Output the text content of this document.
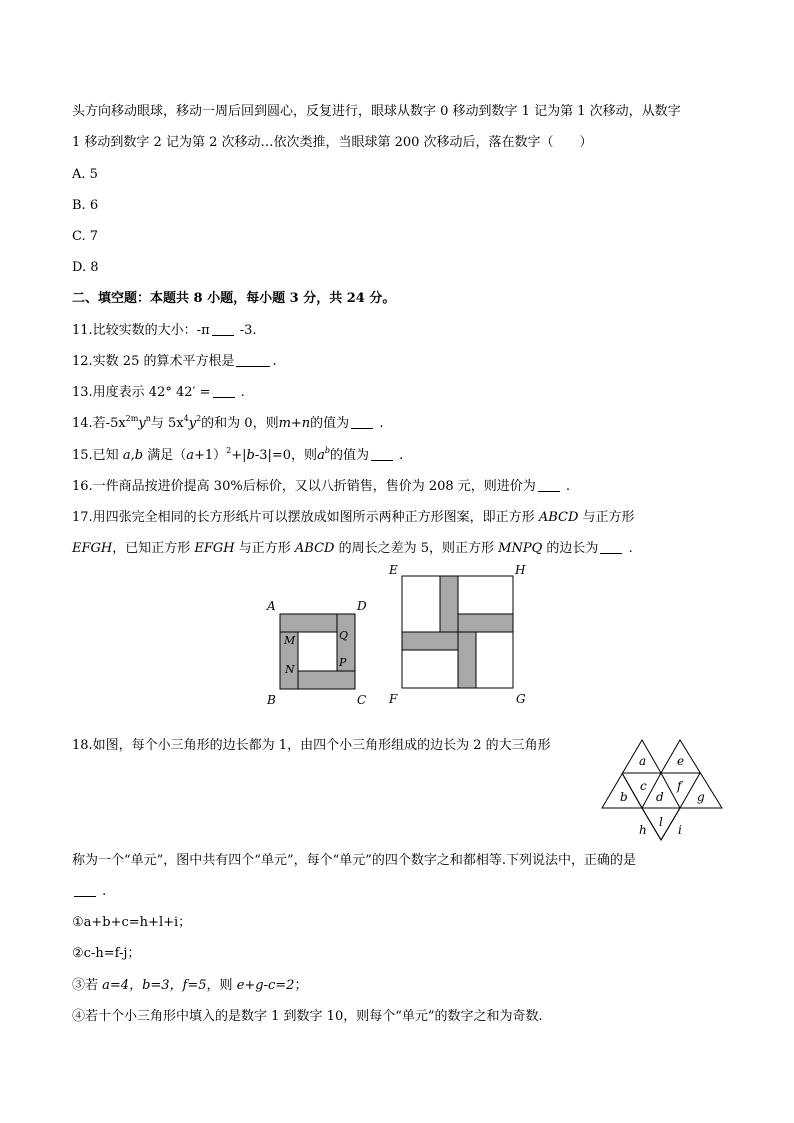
头方向移动眼球，移动一周后回到圆心，反复进行，眼球从数字 0 移动到数字 1 记为第 1 次移动，从数字
1 移动到数字 2 记为第 2 次移动…依次类推，当眼球第 200 次移动后，落在数字（　　）
A. 5
B. 6
C. 7
D. 8
二、填空题：本题共 8 小题，每小题 3 分，共 24 分。
11.比较实数的大小：-π -3.
12.实数 25 的算术平方根是	.
13.用度表示 42° 42′ = .
14.若$-5x^{2m}y^n$与 $5x^4y^2$的和为 0，则m+n的值为 .
15.已知 a,b 满足$(a+1)^2+|b-3|=0$，则$a^b$的值为 .
16.一件商品按进价提高 30%后标价，又以八折销售，售价为 208 元，则进价为 .
17.用四张完全相同的长方形纸片可以摆放成如图所示两种正方形图案，即正方形 ABCD 与正方形
EFGH，已知正方形 EFGH 与正方形 ABCD 的周长之差为 5，则正方形 MNPQ 的边长为 .
A	D
B	C
M	Q
N
P
E	H
F	G
18.如图，每个小三角形的边长都为 1，由四个小三角形组成的边长为 2 的大三角形
a	e
c	f
b d	g
l
h	i
称为一个“单元”，图中共有四个“单元”，每个“单元”的四个数字之和都相等.下列说法中，正确的是
.
①a+b+c=h+l+i；
②c-h=f-j；
③若 a=4，b=3，f=5，则 e+g-c=2；
④若十个小三角形中填入的是数字 1 到数字 10，则每个“单元”的数字之和为奇数.
